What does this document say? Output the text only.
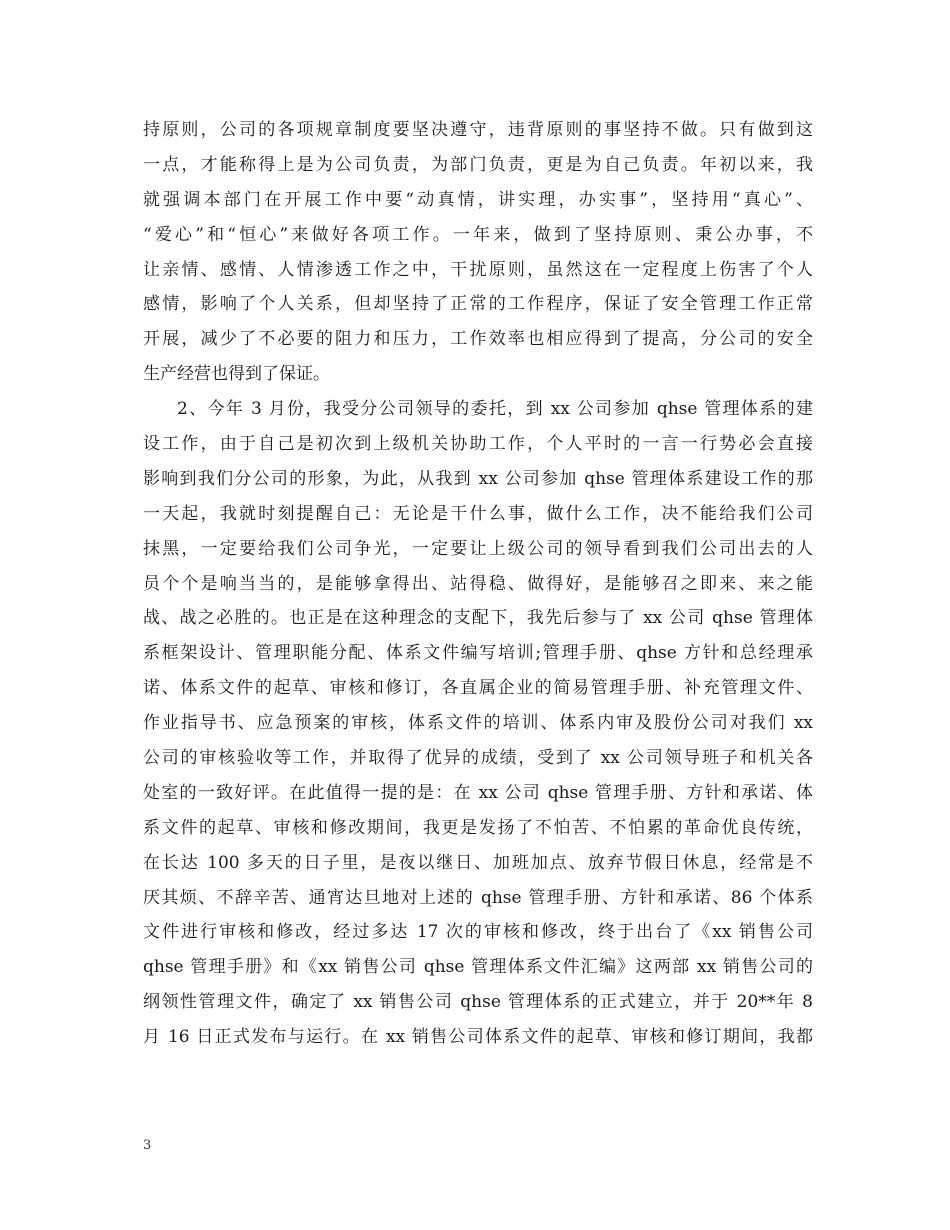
持原则，公司的各项规章制度要坚决遵守，违背原则的事坚持不做。只有做到这
一点，才能称得上是为公司负责，为部门负责，更是为自己负责。年初以来，我
就强调本部门在开展工作中要“动真情，讲实理，办实事”，坚持用“真心”、
“爱心”和“恒心”来做好各项工作。一年来，做到了坚持原则、秉公办事，不
让亲情、感情、人情渗透工作之中，干扰原则，虽然这在一定程度上伤害了个人
感情，影响了个人关系，但却坚持了正常的工作程序，保证了安全管理工作正常
开展，减少了不必要的阻力和压力，工作效率也相应得到了提高，分公司的安全
生产经营也得到了保证。
2、今年 3 月份，我受分公司领导的委托，到 xx 公司参加 qhse 管理体系的建
设工作，由于自己是初次到上级机关协助工作，个人平时的一言一行势必会直接
影响到我们分公司的形象，为此，从我到 xx 公司参加 qhse 管理体系建设工作的那
一天起，我就时刻提醒自己：无论是干什么事，做什么工作，决不能给我们公司
抹黑，一定要给我们公司争光，一定要让上级公司的领导看到我们公司出去的人
员个个是响当当的，是能够拿得出、站得稳、做得好，是能够召之即来、来之能
战、战之必胜的。也正是在这种理念的支配下，我先后参与了 xx 公司 qhse 管理体
系框架设计、管理职能分配、体系文件编写培训;管理手册、qhse 方针和总经理承
诺、体系文件的起草、审核和修订，各直属企业的简易管理手册、补充管理文件、
作业指导书、应急预案的审核，体系文件的培训、体系内审及股份公司对我们 xx
公司的审核验收等工作，并取得了优异的成绩，受到了 xx 公司领导班子和机关各
处室的一致好评。在此值得一提的是：在 xx 公司 qhse 管理手册、方针和承诺、体
系文件的起草、审核和修改期间，我更是发扬了不怕苦、不怕累的革命优良传统，
在长达 100 多天的日子里，是夜以继日、加班加点、放弃节假日休息，经常是不
厌其烦、不辞辛苦、通宵达旦地对上述的 qhse 管理手册、方针和承诺、86 个体系
文件进行审核和修改，经过多达 17 次的审核和修改，终于出台了《xx 销售公司
qhse 管理手册》和《xx 销售公司 qhse 管理体系文件汇编》这两部 xx 销售公司的
纲领性管理文件，确定了 xx 销售公司 qhse 管理体系的正式建立，并于 20**年 8
月 16 日正式发布与运行。在 xx 销售公司体系文件的起草、审核和修订期间，我都
3
